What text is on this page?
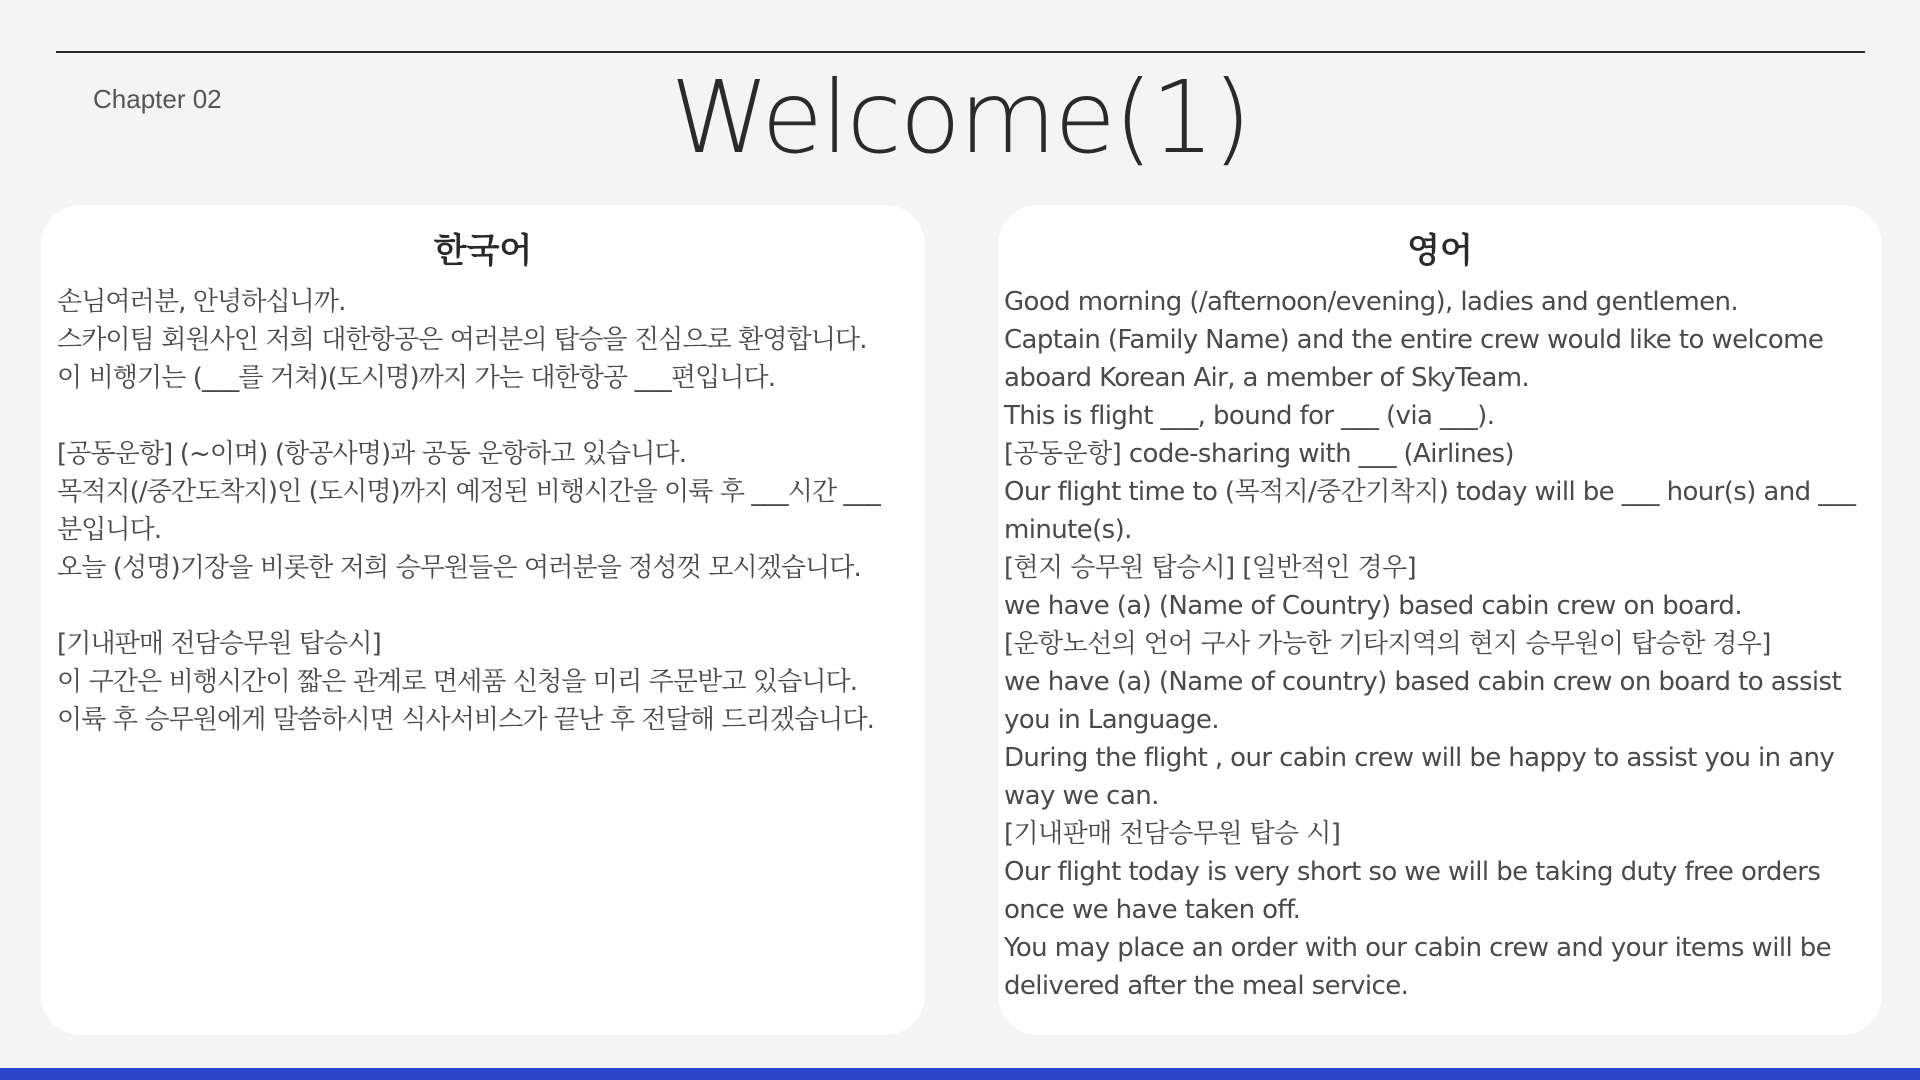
Chapter 02	Welcome(1)
한국어
손님여러분, 안녕하십니까.
스카이팀 회원사인 저희 대한항공은 여러분의 탑승을 진심으로 환영합니다.
이 비행기는 (___를 거쳐)(도시명)까지 가는 대한항공 ___편입니다.
[공동운항] (~이며) (항공사명)과 공동 운항하고 있습니다.
목적지(/중간도착지)인 (도시명)까지 예정된 비행시간을 이륙 후 ___시간 ___
분입니다.
오늘 (성명)기장을 비롯한 저희 승무원들은 여러분을 정성껏 모시겠습니다.
[기내판매 전담승무원 탑승시]
이 구간은 비행시간이 짧은 관계로 면세품 신청을 미리 주문받고 있습니다.
이륙 후 승무원에게 말씀하시면 식사서비스가 끝난 후 전달해 드리겠습니다.
영어
Good morning (/afternoon/evening), ladies and gentlemen.
Captain (Family Name) and the entire crew would like to welcome
aboard Korean Air, a member of SkyTeam.
This is flight ___, bound for ___ (via ___).
[공동운항] code-sharing with ___ (Airlines)
Our flight time to (목적지/중간기착지) today will be ___ hour(s) and ___
minute(s).
[현지 승무원 탑승시] [일반적인 경우]
we have (a) (Name of Country) based cabin crew on board.
[운항노선의 언어 구사 가능한 기타지역의 현지 승무원이 탑승한 경우]
we have (a) (Name of country) based cabin crew on board to assist
you in Language.
During the flight , our cabin crew will be happy to assist you in any
way we can.
[기내판매 전담승무원 탑승 시]
Our flight today is very short so we will be taking duty free orders
once we have taken off.
You may place an order with our cabin crew and your items will be
delivered after the meal service.
